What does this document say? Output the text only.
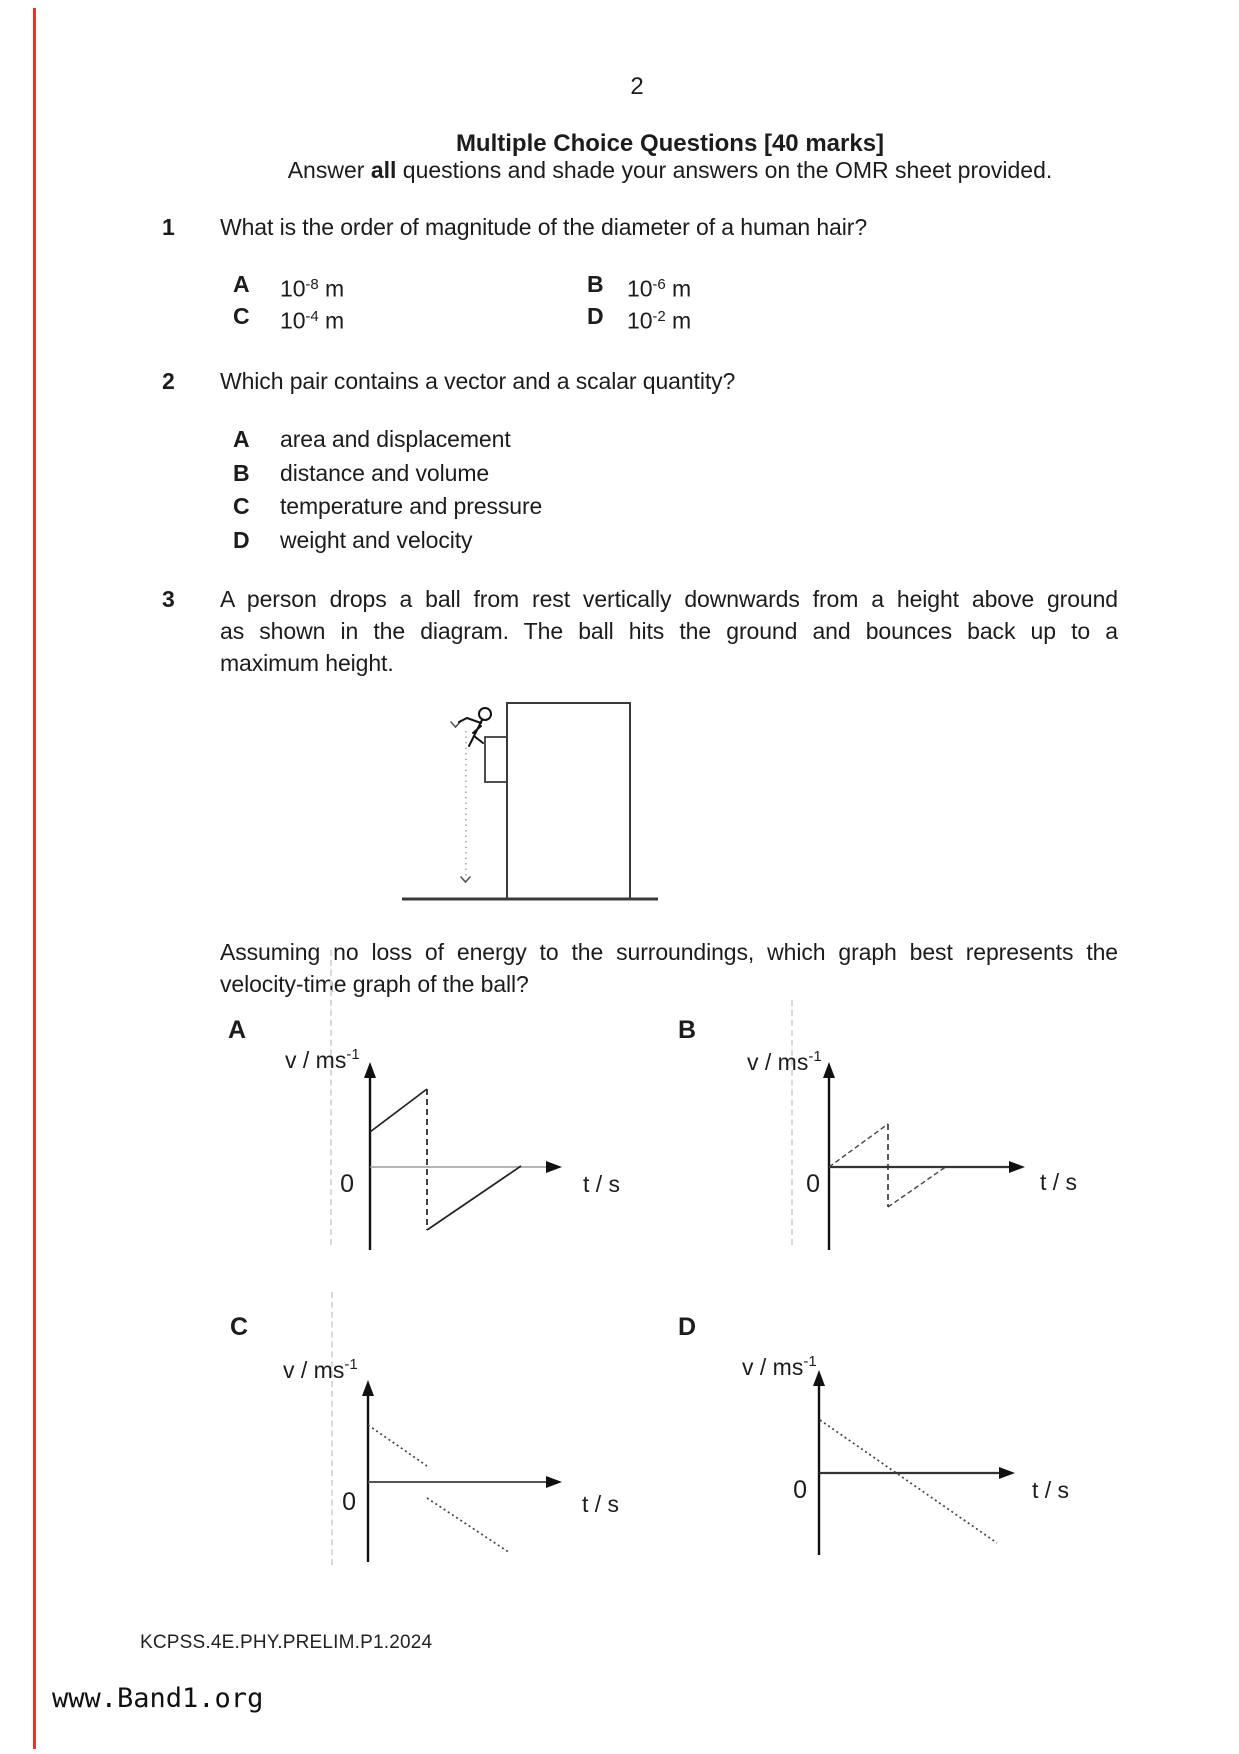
2
Multiple Choice Questions [40 marks]
Answer all questions and shade your answers on the OMR sheet provided.
1 What is the order of magnitude of the diameter of a human hair?
A $10^{-8}$ m	B $10^{-6}$ m
C $10^{-4}$ m	D $10^{-2}$ m
2 Which pair contains a vector and a scalar quantity?
A area and displacement
B distance and volume
C temperature and pressure
D weight and velocity
3 A person drops a ball from rest vertically downwards from a height above ground
as shown in the diagram. The ball hits the ground and bounces back up to a
maximum height.
Assuming no loss of energy to the surroundings, which graph best represents the
velocity-time graph of the ball?
A	B
C	D
v / $ms^{-1}$
0	t / s
v / $ms^{-1}$
0	t / s
v / $ms^{-1}$
0	t / s
v / $ms^{-1}$
0	t / s
KCPSS.4E.PHY.PRELIM.P1.2024
www.Band1.org
